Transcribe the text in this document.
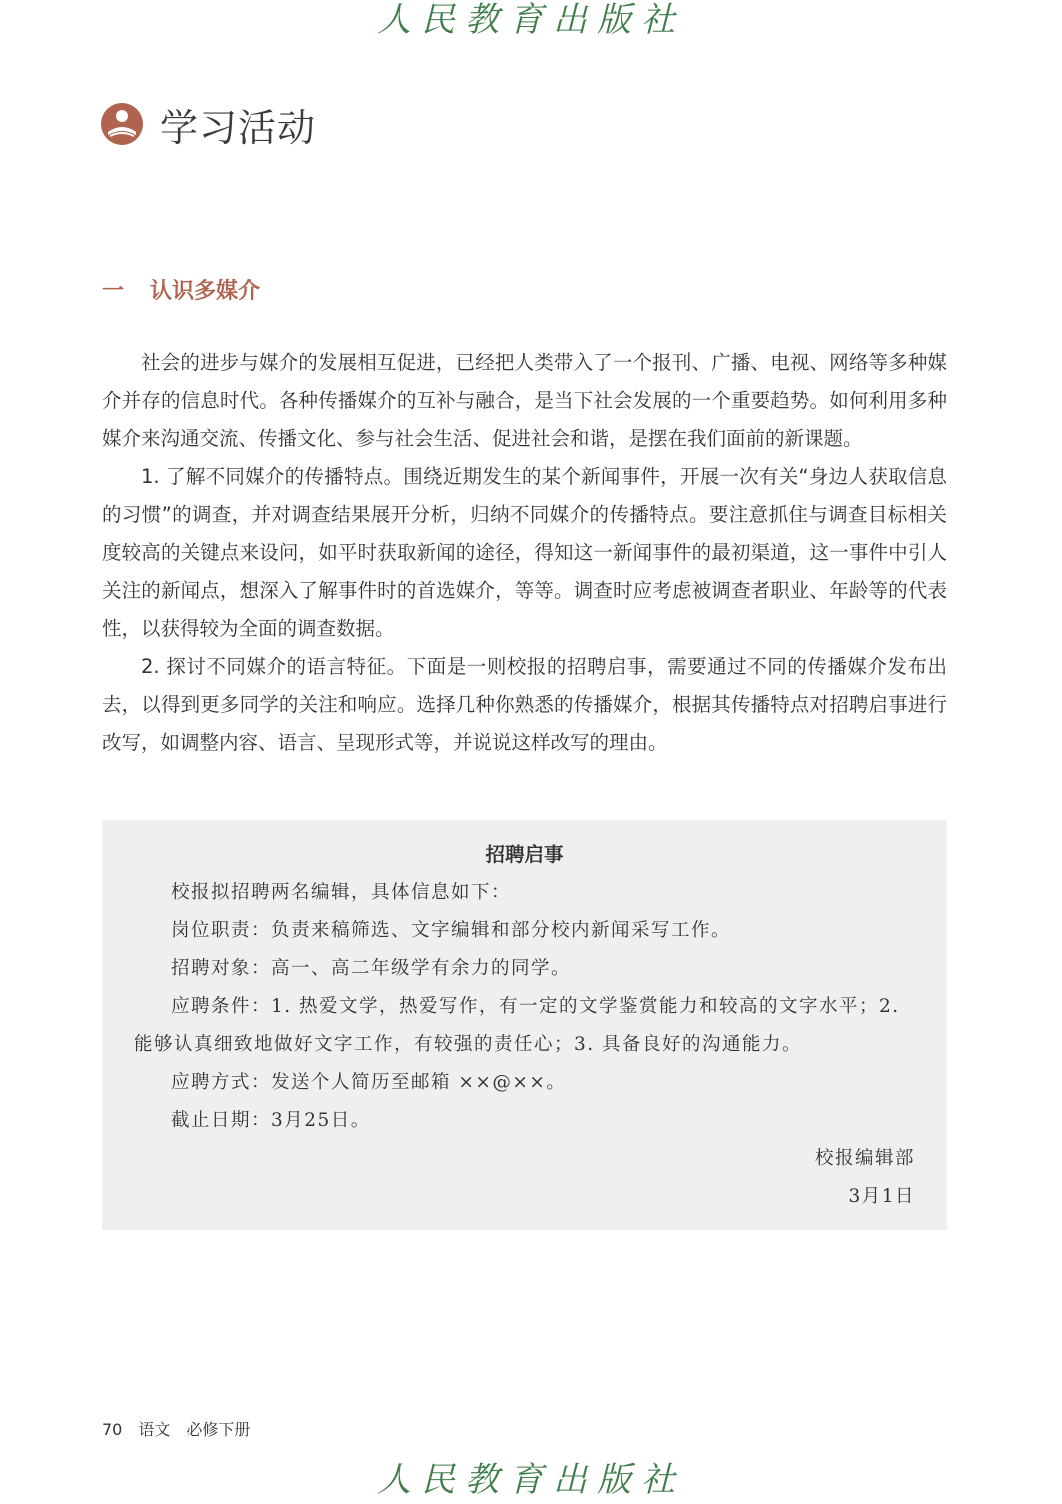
人民教育出版社
学习活动
一 认识多媒介

社会的进步与媒介的发展相互促进，已经把人类带入了一个报刊、广播、电视、网络等多种媒介并存的信息时代。各种传播媒介的互补与融合，是当下社会发展的一个重要趋势。如何利用多种媒介来沟通交流、传播文化、参与社会生活、促进社会和谐，是摆在我们面前的新课题。

1. 了解不同媒介的传播特点。围绕近期发生的某个新闻事件，开展一次有关“身边人获取信息的习惯”的调查，并对调查结果展开分析，归纳不同媒介的传播特点。要注意抓住与调查目标相关度较高的关键点来设问，如平时获取新闻的途径，得知这一新闻事件的最初渠道，这一事件中引人关注的新闻点，想深入了解事件时的首选媒介，等等。调查时应考虑被调查者职业、年龄等的代表性，以获得较为全面的调查数据。

2. 探讨不同媒介的语言特征。下面是一则校报的招聘启事，需要通过不同的传播媒介发布出去，以得到更多同学的关注和响应。选择几种你熟悉的传播媒介，根据其传播特点对招聘启事进行改写，如调整内容、语言、呈现形式等，并说说这样改写的理由。

招聘启事

校报拟招聘两名编辑，具体信息如下：

岗位职责：负责来稿筛选、文字编辑和部分校内新闻采写工作。

招聘对象：高一、高二年级学有余力的同学。

应聘条件：1. 热爱文学，热爱写作，有一定的文学鉴赏能力和较高的文字水平；2. 能够认真细致地做好文字工作，有较强的责任心；3. 具备良好的沟通能力。

应聘方式：发送个人简历至邮箱 ××@××。

截止日期：3月25日。

校报编辑部
3月1日
70 语文 必修下册
人民教育出版社
